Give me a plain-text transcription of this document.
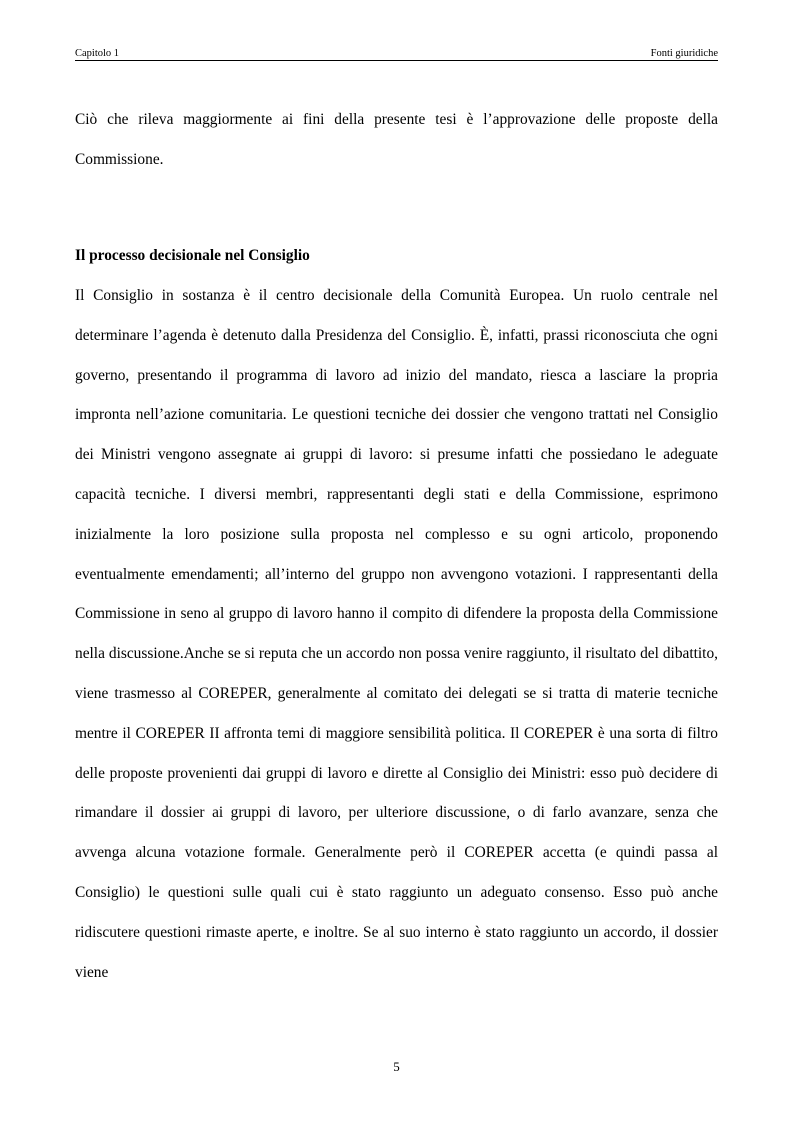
Capitolo 1	Fonti giuridiche

Ciò che rileva maggiormente ai fini della presente tesi è l’approvazione delle proposte della Commissione.

Il processo decisionale nel Consiglio

Il Consiglio in sostanza è il centro decisionale della Comunità Europea. Un ruolo centrale nel determinare l’agenda è detenuto dalla Presidenza del Consiglio. È, infatti, prassi riconosciuta che ogni governo, presentando il programma di lavoro ad inizio del mandato, riesca a lasciare la propria impronta nell’azione comunitaria. Le questioni tecniche dei dossier che vengono trattati nel Consiglio dei Ministri vengono assegnate ai gruppi di lavoro: si presume infatti che possiedano le adeguate capacità tecniche. I diversi membri, rappresentanti degli stati e della Commissione, esprimono inizialmente la loro posizione sulla proposta nel complesso e su ogni articolo, proponendo eventualmente emendamenti; all’interno del gruppo non avvengono votazioni. I rappresentanti della Commissione in seno al gruppo di lavoro hanno il compito di difendere la proposta della Commissione nella discussione.Anche se si reputa che un accordo non possa venire raggiunto, il risultato del dibattito, viene trasmesso al COREPER, generalmente al comitato dei delegati se si tratta di materie tecniche mentre il COREPER II affronta temi di maggiore sensibilità politica. Il COREPER è una sorta di filtro delle proposte provenienti dai gruppi di lavoro e dirette al Consiglio dei Ministri: esso può decidere di rimandare il dossier ai gruppi di lavoro, per ulteriore discussione, o di farlo avanzare, senza che avvenga alcuna votazione formale. Generalmente però il COREPER accetta (e quindi passa al Consiglio) le questioni sulle quali cui è stato raggiunto un adeguato consenso. Esso può anche ridiscutere questioni rimaste aperte, e inoltre. Se al suo interno è stato raggiunto un accordo, il dossier viene

5
